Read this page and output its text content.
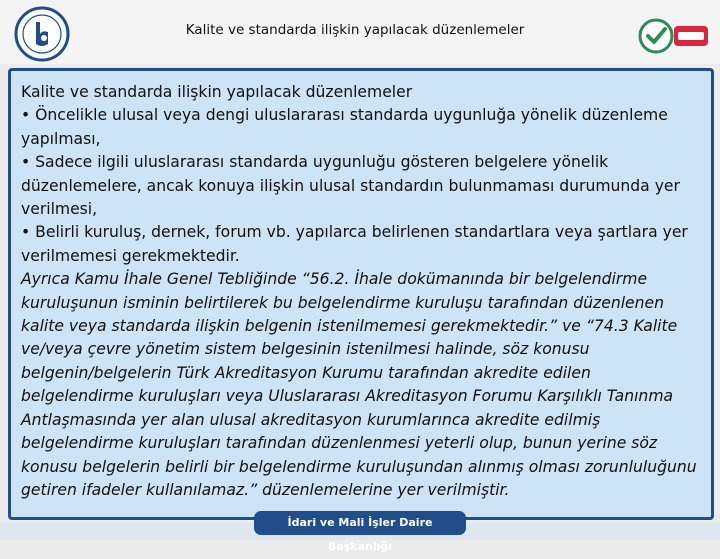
Kalite ve standarda ilişkin yapılacak düzenlemeler

Kalite ve standarda ilişkin yapılacak düzenlemeler

• Öncelikle ulusal veya dengi uluslararası standarda uygunluğa yönelik düzenleme yapılması,

• Sadece ilgili uluslararası standarda uygunluğu gösteren belgelere yönelik düzenlemelere, ancak konuya ilişkin ulusal standardın bulunmaması durumunda yer verilmesi,

• Belirli kuruluş, dernek, forum vb. yapılarca belirlenen standartlara veya şartlara yer verilmemesi gerekmektedir.

Ayrıca Kamu İhale Genel Tebliğinde “56.2. İhale dokümanında bir belgelendirme kuruluşunun isminin belirtilerek bu belgelendirme kuruluşu tarafından düzenlenen kalite veya standarda ilişkin belgenin istenilmemesi gerekmektedir.” ve “74.3 Kalite ve/veya çevre yönetim sistem belgesinin istenilmesi halinde, söz konusu belgenin/belgelerin Türk Akreditasyon Kurumu tarafından akredite edilen belgelendirme kuruluşları veya Uluslararası Akreditasyon Forumu Karşılıklı Tanınma Antlaşmasında yer alan ulusal akreditasyon kurumlarınca akredite edilmiş belgelendirme kuruluşları tarafından düzenlenmesi yeterli olup, bunun yerine söz konusu belgelerin belirli bir belgelendirme kuruluşundan alınmış olması zorunluluğunu getiren ifadeler kullanılamaz.” düzenlemelerine yer verilmiştir.

İdari ve Mali İşler Daire Başkanlığı
